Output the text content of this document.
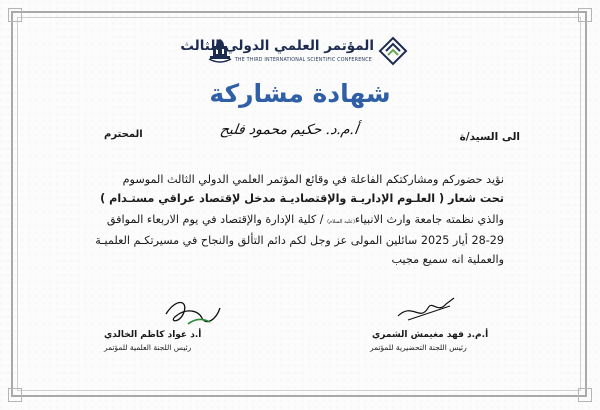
المؤتمر العلمي الدولي الثالث
THE THIRD INTERNATIONAL SCIENTIFIC CONFERENCE
شهادة مشاركة
الى السيد/ة
أ.م.د. حكيم محمود فليح
المحترم
نؤيد حضوركم ومشاركتكم الفاعلة في وقائع المؤتمر العلمي الدولي الثالث الموسوم
تحت شعار ( العلـوم الإداريـة والإقتصاديـة مدخل لإقتصاد عراقي مستـدام )
والذي نظمته جامعة وارث الانبياء(عليه السلام) / كلية الإدارة والإقتصاد في يوم الاربعاء الموافق
28-29 أيار 2025 سائلين المولى عز وجل لكم دائم التألق والنجاح في مسيرتكـم العلميـة
والعملية انه سميع مجيب
أ.د عواد كاظم الخالدي
رئيس اللجنة العلمية للمؤتمر
أ.م.د فهد مغيمش الشمري
رئيس اللجنة التحضيرية للمؤتمر
